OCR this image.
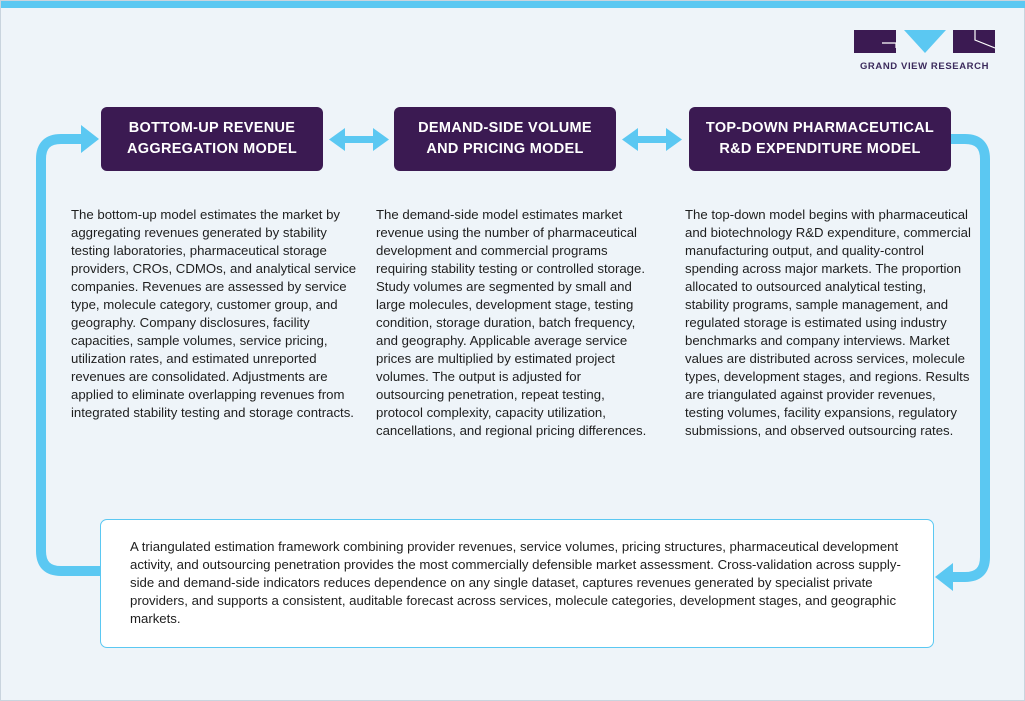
GRAND VIEW RESEARCH
BOTTOM-UP REVENUE
AGGREGATION MODEL
DEMAND-SIDE VOLUME
AND PRICING MODEL
TOP-DOWN PHARMACEUTICAL
R&D EXPENDITURE MODEL

The bottom-up model estimates the market by aggregating revenues generated by stability testing laboratories, pharmaceutical storage providers, CROs, CDMOs, and analytical service companies. Revenues are assessed by service type, molecule category, customer group, and geography. Company disclosures, facility capacities, sample volumes, service pricing, utilization rates, and estimated unreported revenues are consolidated. Adjustments are applied to eliminate overlapping revenues from integrated stability testing and storage contracts.

The demand-side model estimates market revenue using the number of pharmaceutical development and commercial programs requiring stability testing or controlled storage. Study volumes are segmented by small and large molecules, development stage, testing condition, storage duration, batch frequency, and geography. Applicable average service prices are multiplied by estimated project volumes. The output is adjusted for outsourcing penetration, repeat testing, protocol complexity, capacity utilization, cancellations, and regional pricing differences.

The top-down model begins with pharmaceutical and biotechnology R&D expenditure, commercial manufacturing output, and quality-control spending across major markets. The proportion allocated to outsourced analytical testing, stability programs, sample management, and regulated storage is estimated using industry benchmarks and company interviews. Market values are distributed across services, molecule types, development stages, and regions. Results are triangulated against provider revenues, testing volumes, facility expansions, regulatory submissions, and observed outsourcing rates.

A triangulated estimation framework combining provider revenues, service volumes, pricing structures, pharmaceutical development activity, and outsourcing penetration provides the most commercially defensible market assessment. Cross-validation across supply-side and demand-side indicators reduces dependence on any single dataset, captures revenues generated by specialist private providers, and supports a consistent, auditable forecast across services, molecule categories, development stages, and geographic markets.
